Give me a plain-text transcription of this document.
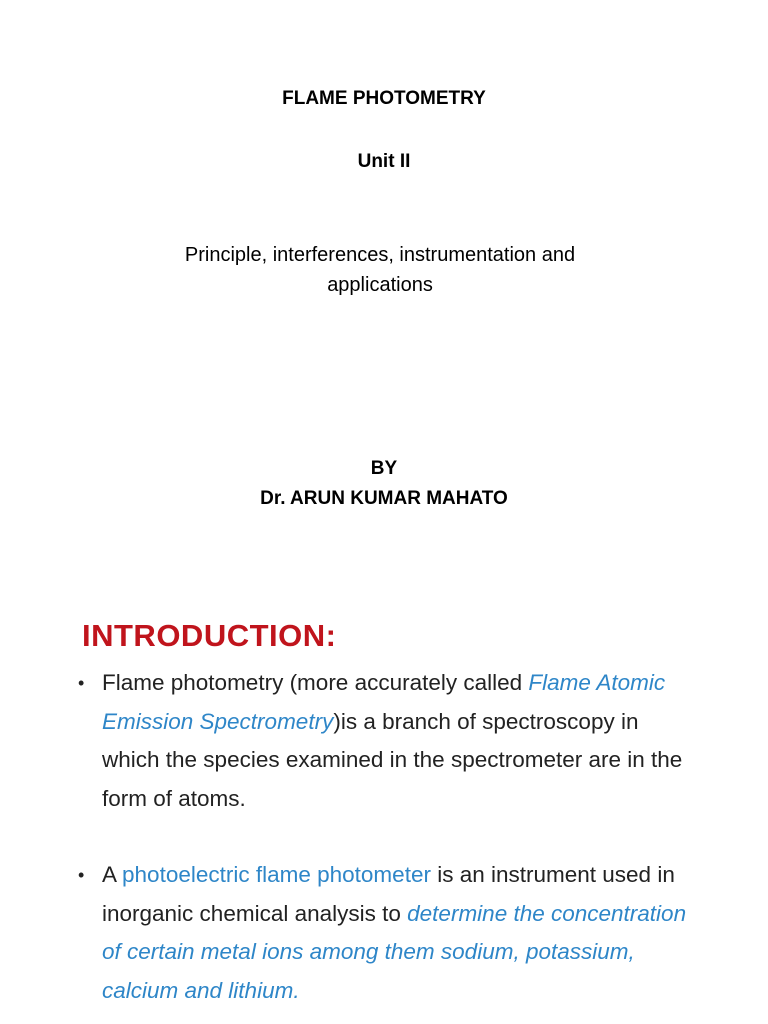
FLAME PHOTOMETRY
Unit II
Principle, interferences, instrumentation and applications
BY
Dr. ARUN KUMAR MAHATO
INTRODUCTION:
• Flame photometry (more accurately called Flame Atomic Emission Spectrometry)is a branch of spectroscopy in which the species examined in the spectrometer are in the form of atoms.
• A photoelectric flame photometer is an instrument used in inorganic chemical analysis to determine the concentration of certain metal ions among them sodium, potassium, calcium and lithium.
